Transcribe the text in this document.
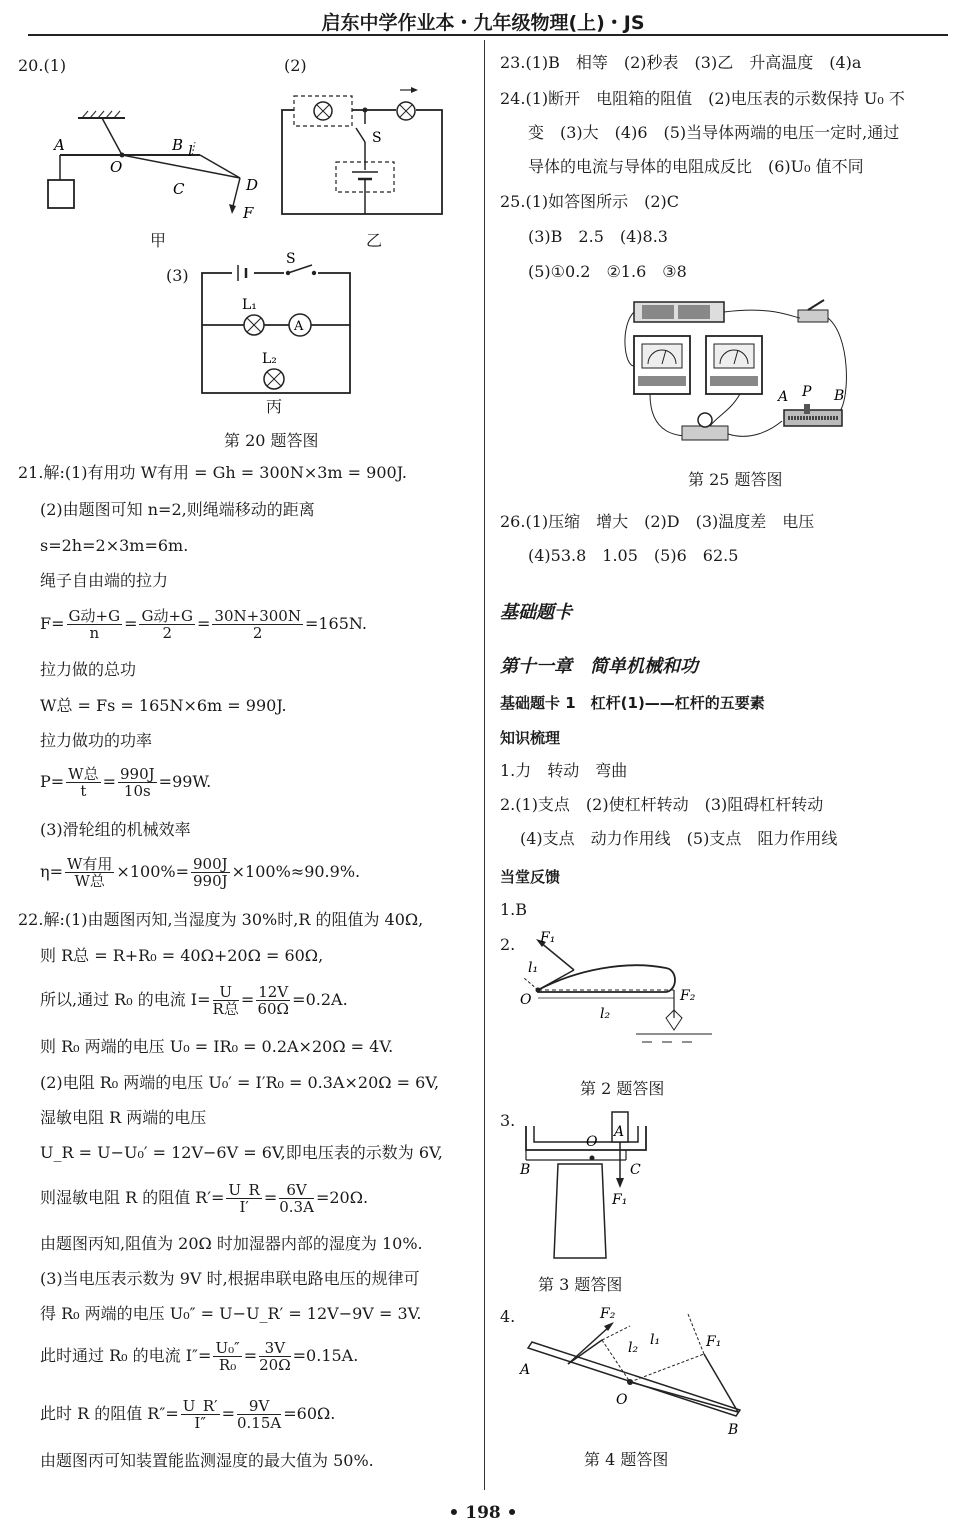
启东中学作业本・九年级物理(上)・JS
20.(1)	(2)
A	B l
O
C	D
F
甲
S
乙
(3)
A
S
L₁
L₂
丙
第 20 题答图
21.解:(1)有用功 W有用 = Gh = 300N×3m = 900J.
(2)由题图可知 n=2,则绳端移动的距离
s=2h=2×3m=6m.
绳子自由端的拉力
$F= \frac{\text{G动+G}}{n} = \frac{\text{G动+G}}{2} = \frac{30N+300N}{2} =165N$.
拉力做的总功
W总 = Fs = 165N×6m = 990J.
拉力做功的功率
$P= \frac{\text{W总}}{t} = \frac{990J}{10s} =99W$.
(3)滑轮组的机械效率
$\eta= \frac{\text{W有用}}{\text{W总}} \times 100\%= \frac{900J}{990J} \times 100\%\approx 90.9\%$.
22.解:(1)由题图丙知,当湿度为 30%时,R 的阻值为 40Ω,
则 R总 = R+R₀ = 40Ω+20Ω = 60Ω,
所以,通过 R₀ 的电流 $I= \frac{U}{\text{R总}} = \frac{12V}{60\Omega} =0.2A$.
则 R₀ 两端的电压 U₀ = IR₀ = 0.2A×20Ω = 4V.
(2)电阻 R₀ 两端的电压 U₀′ = I′R₀ = 0.3A×20Ω = 6V,
湿敏电阻 R 两端的电压
U_R = U−U₀′ = 12V−6V = 6V,即电压表的示数为 6V,
则湿敏电阻 R 的阻值 $R'= \frac{U\_R}{I'} = \frac{6V}{0.3A} =20\Omega$.
由题图丙知,阻值为 20Ω 时加湿器内部的湿度为 10%.
(3)当电压表示数为 9V 时,根据串联电路电压的规律可
得 R₀ 两端的电压 U₀″ = U−U_R′ = 12V−9V = 3V.
此时通过 R₀ 的电流 $I''= \frac{\text{U₀″}}{\text{R₀}} = \frac{3V}{20\Omega} =0.15A$.
此时 R 的阻值 $R''= \frac{U\_R'}{I''} = \frac{9V}{0.15A} =60\Omega$.
由题图丙可知装置能监测湿度的最大值为 50%.
23.(1)B　相等　(2)秒表　(3)乙　升高温度　(4)a
24.(1)断开　电阻箱的阻值　(2)电压表的示数保持 U₀ 不
变　(3)大　(4)6　(5)当导体两端的电压一定时,通过
导体的电流与导体的电阻成反比　(6)U₀ 值不同
25.(1)如答图所示　(2)C
(3)B　2.5　(4)8.3
(5)①0.2　②1.6　③8
A P B
第 25 题答图
26.(1)压缩　增大　(2)D　(3)温度差　电压
(4)53.8　1.05　(5)6　62.5
基础题卡
第十一章　简单机械和功
基础题卡 1　杠杆(1)——杠杆的五要素
知识梳理
1.力　转动　弯曲
2.(1)支点　(2)使杠杆转动　(3)阻碍杠杆转动
(4)支点　动力作用线　(5)支点　阻力作用线
当堂反馈
1.B
2. F₁
l₁
O	F₂
l₂
第 2 题答图
3.
O
A
B	C
F₁
第 3 题答图
4.	F₂
l₂ l₁	F₁
A
O
B
第 4 题答图
• 198 •
